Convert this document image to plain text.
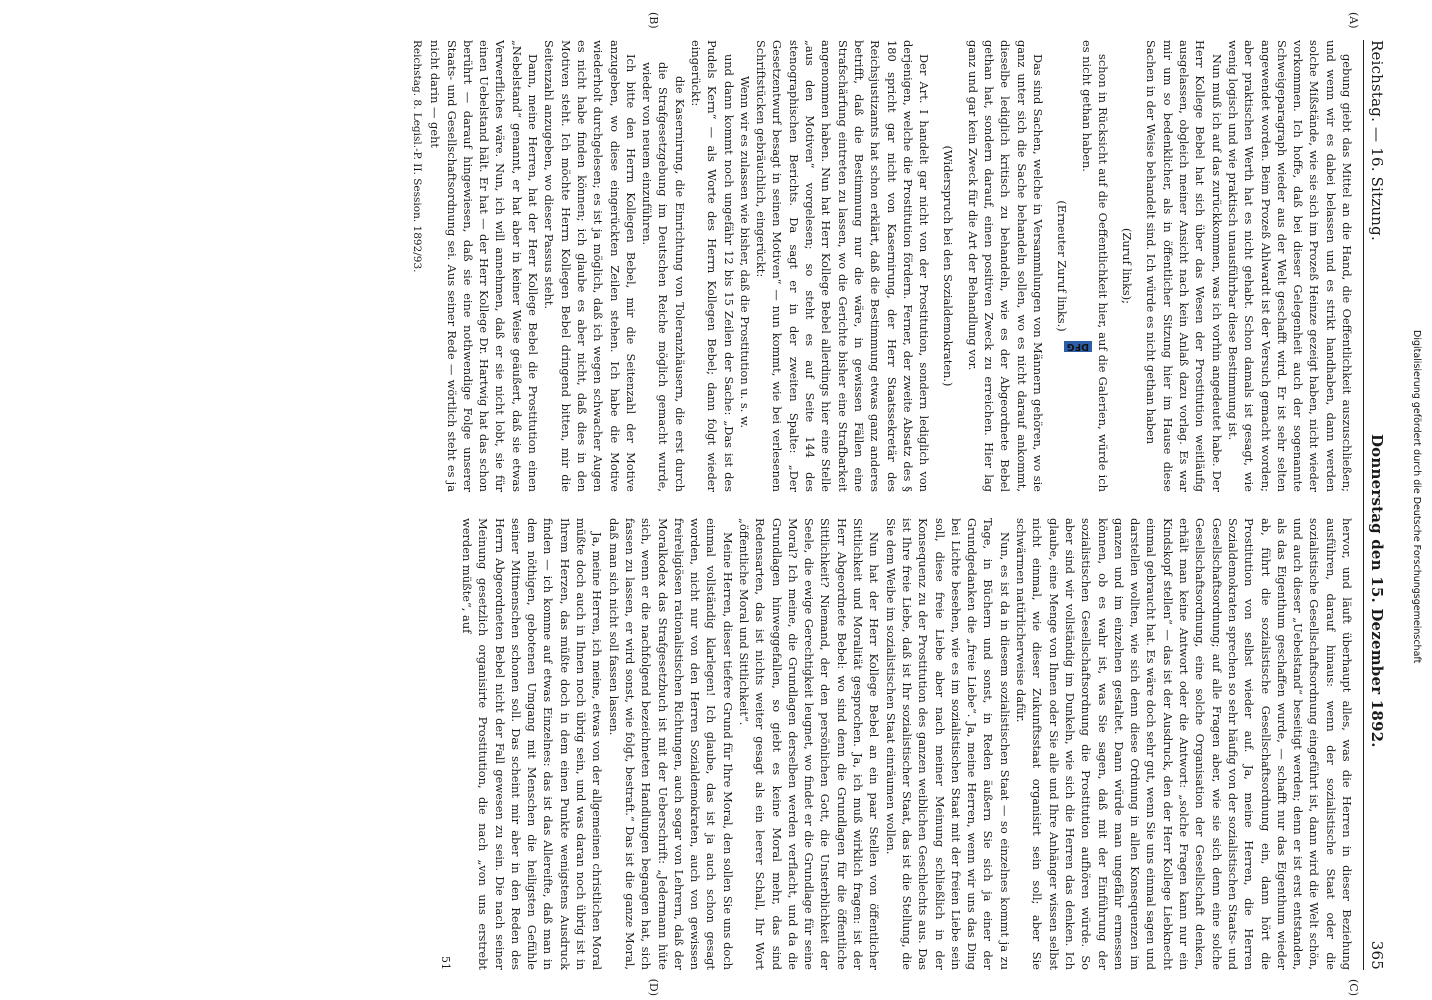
Reichstag. — 16. Sitzung.
Donnerstag den 15. Dezember 1892.
365

gebung giebt das Mittel an die Hand, die Oeffentlichkeit auszuschließen; und wenn wir es dabei belassen und es strikt handhaben, dann werden solche Mißstände, wie sie sich im Prozeß Heinze gezeigt haben, nicht wieder vorkommen. Ich hoffe, daß bei dieser Gelegenheit auch der sogenannte Schweigeparagraph wieder aus der Welt geschafft wird. Er ist sehr selten angewendet worden. Beim Prozeß Ahlwardt ist der Versuch gemacht worden; aber praktischen Werth hat es nicht gehabt. Schon damals ist gesagt, wie wenig logisch und wie praktisch unausführbar diese Bestimmung ist.

Nun muß ich auf das zurückkommen, was ich vorhin angedeutet habe. Der Herr Kollege Bebel hat sich über das Wesen der Prostitution weitläufig ausgelassen, obgleich meiner Ansicht nach kein Anlaß dazu vorlag. Es war mir um so bedenklicher, als in öffentlicher Sitzung hier im Hause diese Sachen in der Weise behandelt sind. Ich würde es nicht gethan haben

(Zuruf links);

schon in Rücksicht auf die Oeffentlichkeit hier, auf die Galerien, würde ich es nicht gethan haben.

(Erneuter Zuruf links.)

Das sind Sachen, welche in Versammlungen von Männern gehören, wo sie ganz unter sich die Sache behandeln sollen, wo es nicht darauf ankommt, dieselbe lediglich kritisch zu behandeln, wie es der Abgeordnete Bebel gethan hat, sondern darauf, einen positiven Zweck zu erreichen. Hier lag ganz und gar kein Zweck für die Art der Behandlung vor.

(Widerspruch bei den Sozialdemokraten.)

Der Art. I handelt gar nicht von der Prostitution, sondern lediglich von derjenigen, welche die Prostitution fördern. Ferner, der zweite Absatz des § 180 spricht gar nicht von Kasernirung, der Herr Staatssekretär des Reichsjustizamts hat schon erklärt, daß die Bestimmung etwas ganz anderes betrifft, daß die Bestimmung nur die wäre, in gewissen Fällen eine Strafschärfung eintreten zu lassen, wo die Gerichte bisher eine Strafbarkeit angenommen haben. Nun hat Herr Kollege Bebel allerdings hier eine Stelle „aus den Motiven“ vorgelesen; so steht es auf Seite 144 des stenographischen Berichts. Da sagt er in der zweiten Spalte: „Der Gesetzentwurf besagt in seinen Motiven“ — nun kommt, wie bei verlesenen Schriftstücken gebräuchlich, eingerückt:

Wenn wir es zulassen wie bisher, daß die Prostitution u. s. w.

und dann kommt noch ungefähr 12 bis 15 Zeilen der Sache: „Das ist des Pudels Kern“ — als Worte des Herrn Kollegen Bebel; dann folgt wieder eingerückt:

die Kasernirung, die Einrichtung von Toleranzhäusern, die erst durch die Strafgesetzgebung im Deutschen Reiche möglich gemacht wurde, wieder von neuem einzuführen.

Ich bitte den Herrn Kollegen Bebel, mir die Seitenzahl der Motive anzugeben, wo diese eingerückten Zeilen stehen. Ich habe die Motive wiederholt durchgelesen; es ist ja möglich, daß ich wegen schwacher Augen es nicht habe finden können; ich glaube es aber nicht, daß dies in den Motiven steht. Ich möchte Herrn Kollegen Bebel dringend bitten, mir die Seitenzahl anzugeben, wo dieser Passus steht.

Dann, meine Herren, hat der Herr Kollege Bebel die Prostitution einen „Nebelstand“ genannt, er hat aber in keiner Weise geäußert, daß sie etwas Verwerfliches wäre. Nun, ich will annehmen, daß er sie nicht lobt, sie für einen Uebelstand hält. Er hat — der Herr Kollege Dr. Hartwig hat das schon berührt — darauf hingewiesen, daß sie eine nothwendige Folge unserer Staats- und Gesellschaftsordnung sei. Aus seiner Rede — wörtlich steht es ja nicht darin — geht

Reichstag. 8. Legisl.-P. II. Session. 1892/93.

hervor, und läuft überhaupt alles, was die Herren in dieser Beziehung ausführen, darauf hinaus: wenn der sozialistische Staat oder die sozialistische Gesellschaftsordnung eingeführt ist, dann wird die Welt schön, und auch dieser „Uebelstand“ beseitigt werden; denn er ist erst entstanden, als das Eigenthum geschaffen wurde, — schafft nur das Eigenthum wieder ab, führt die sozialistische Gesellschaftsordnung ein, dann hört die Prostitution von selbst wieder auf. Ja, meine Herren, die Herren Sozialdemokraten sprechen so sehr häufig von der sozialistischen Staats- und Gesellschaftsordnung; auf alle Fragen aber, wie sie sich denn eine solche Gesellschaftsordnung, eine solche Organisation der Gesellschaft denken, erhält man keine Antwort oder die Antwort: „solche Fragen kann nur ein Kindskopf stellen“ — das ist der Ausdruck, den der Herr Kollege Liebknecht einmal gebraucht hat. Es wäre doch sehr gut, wenn Sie uns einmal sagen und darstellen wollten, wie sich denn diese Ordnung in allen Konsequenzen im ganzen und im einzelnen gestaltet. Dann würde man ungefähr ermessen können, ob es wahr ist, was Sie sagen, daß mit der Einführung der sozialistischen Gesellschaftsordnung die Prostitution aufhören würde. So aber sind wir vollständig im Dunkeln, wie sich die Herren das denken. Ich glaube, eine Menge von Ihnen oder Sie alle und Ihre Anhänger wissen selbst nicht einmal, wie dieser Zukunftsstaat organisirt sein soll; aber Sie schwärmen natürlicherweise dafür.

Nun, es ist da in diesem sozialistischen Staat — so einzelnes kommt ja zu Tage, in Büchern und sonst, in Reden äußern Sie sich ja einer der Grundgedanken die „freie Liebe“. Ja, meine Herren, wenn wir uns das Ding bei Lichte besehen, wie es im sozialistischen Staat mit der freien Liebe sein soll, diese freie Liebe aber nach meiner Meinung schließlich in der Konsequenz zu der Prostitution des ganzen weiblichen Geschlechts aus. Das ist Ihre freie Liebe, daß ist Ihr sozialistischer Staat, das ist die Stellung, die Sie dem Weibe im sozialistischen Staat einräumen wollen.

Nun hat der Herr Kollege Bebel an ein paar Stellen von öffentlicher Sittlichkeit und Moralität gesprochen. Ja, ich muß wirklich fragen: ist der Herr Abgeordnete Bebel: wo sind denn die Grundlagen für die öffentliche Sittlichkeit? Niemand, der den persönlichen Gott, die Unsterblichkeit der Seele, die ewige Gerechtigkeit leugnet, wo findet er die Grundlage für seine Moral? Ich meine, die Grundlagen derselben werden verflacht, und da die Grundlagen hinweggefallen, so giebt es keine Moral mehr, das sind Redensarten, das ist nichts weiter gesagt als ein leerer Schall, Ihr Wort „öffentliche Moral und Sittlichkeit“.

Meine Herren, dieser tiefere Grund für Ihre Moral, den sollen Sie uns doch einmal vollständig klarlegen! Ich glaube, das ist ja auch schon gesagt worden, nicht nur von den Herren Sozialdemokraten, auch von gewissen freireligiösen rationalistischen Richtungen, auch sogar von Lehrern, daß der Moralkodex das Strafgesetzbuch ist mit der Ueberschrift: „Jedermann hüte sich, wenn er die nachfolgend bezeichneten Handlungen begangen hat, sich fassen zu lassen, er wird sonst, wie folgt, bestraft.“ Das ist die ganze Moral, daß man sich nicht soll fassen lassen.

Ja, meine Herren, ich meine, etwas von der allgemeinen christlichen Moral müßte doch auch in Ihnen noch übrig sein, und was daran noch übrig ist in Ihrem Herzen, das müßte doch in dem einen Punkte wenigstens Ausdruck finden — ich komme auf etwas Einzelnes: das ist das Allereifte, daß man in dem nöthigen, gebotenen Umgang mit Menschen die heiligsten Gefühle seiner Mitmenschen schonen soll. Das scheint mir aber in den Reden des Herrn Abgeordneten Bebel nicht der Fall gewesen zu sein. Die nach seiner Meinung gesetzlich organisirte Prostitution, die nach „von uns erstrebt werden müßte“, auf

51
(A)
(B)
(C)
(D)
Digitalisierung gefördert durch die Deutsche Forschungsgemeinschaft
DFG
